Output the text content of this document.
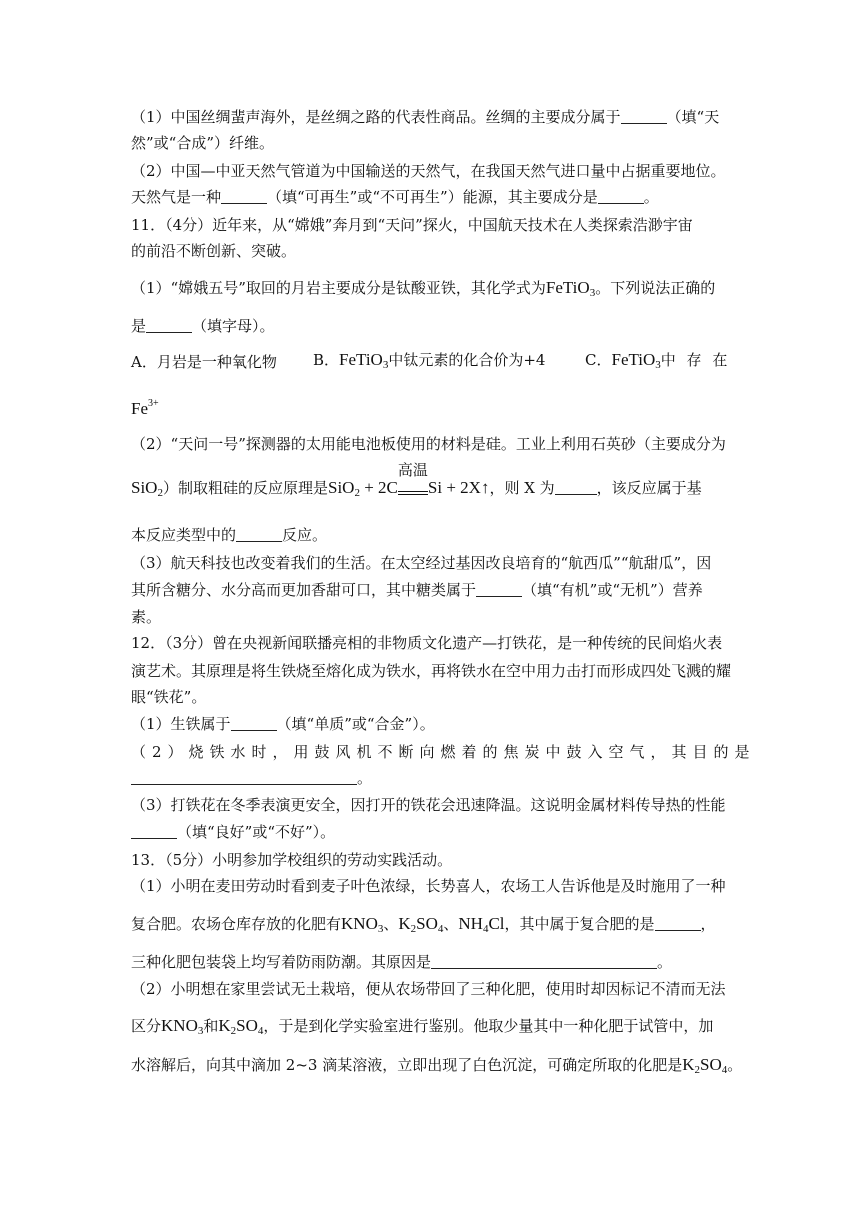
（1）中国丝绸蜚声海外，是丝绸之路的代表性商品。丝绸的主要成分属于	（填“天
然”或“合成”）纤维。
（2）中国—中亚天然气管道为中国输送的天然气，在我国天然气进口量中占据重要地位。
天然气是一种	（填“可再生”或“不可再生”）能源，其主要成分是	。
11．（4分）近年来，从“嫦娥”奔月到“天问”探火，中国航天技术在人类探索浩渺宇宙
的前沿不断创新、突破。
（1）“嫦娥五号”取回的月岩主要成分是钛酸亚铁，其化学式为FeTiO$_3$。下列说法正确的
是	（填字母）。
A．月岩是一种氧化物 B．FeTiO$_3$中钛元素的化合价为+4	C．FeTiO$_3$中 存 在
$Fe^{3+}$
（2）“天问一号”探测器的太用能电池板使用的材料是硅。工业上利用石英砂（主要成分为
SiO$_2$）制取粗硅的反应原理是SiO$_2$ + 2C
高温
Si + 2X↑，则 X 为	，该反应属于基
本反应类型中的	反应。
（3）航天科技也改变着我们的生活。在太空经过基因改良培育的“航西瓜”“航甜瓜”，因
其所含糖分、水分高而更加香甜可口，其中糖类属于	（填“有机”或“无机”）营养
素。
12．（3分）曾在央视新闻联播亮相的非物质文化遗产—打铁花，是一种传统的民间焰火表
演艺术。其原理是将生铁烧至熔化成为铁水，再将铁水在空中用力击打而形成四处飞溅的耀
眼“铁花”。
（1）生铁属于	（填“单质”或“合金”）。
（2）烧铁水时，用鼓风机不断向燃着的焦炭中鼓入空气，其目的是
。
（3）打铁花在冬季表演更安全，因打开的铁花会迅速降温。这说明金属材料传导热的性能
（填“良好”或“不好”）。
13．（5分）小明参加学校组织的劳动实践活动。
（1）小明在麦田劳动时看到麦子叶色浓绿，长势喜人，农场工人告诉他是及时施用了一种
复合肥。农场仓库存放的化肥有$KNO_3$、$K_2SO_4$、$NH_4Cl$，其中属于复合肥的是	，
三种化肥包装袋上均写着防雨防潮。其原因是	。
（2）小明想在家里尝试无土栽培，便从农场带回了三种化肥，使用时却因标记不清而无法
区分$KNO_3$和$K_2SO_4$，于是到化学实验室进行鉴别。他取少量其中一种化肥于试管中，加
水溶解后，向其中滴加 2~3 滴某溶液，立即出现了白色沉淀，可确定所取的化肥是$K_2SO_4$。
